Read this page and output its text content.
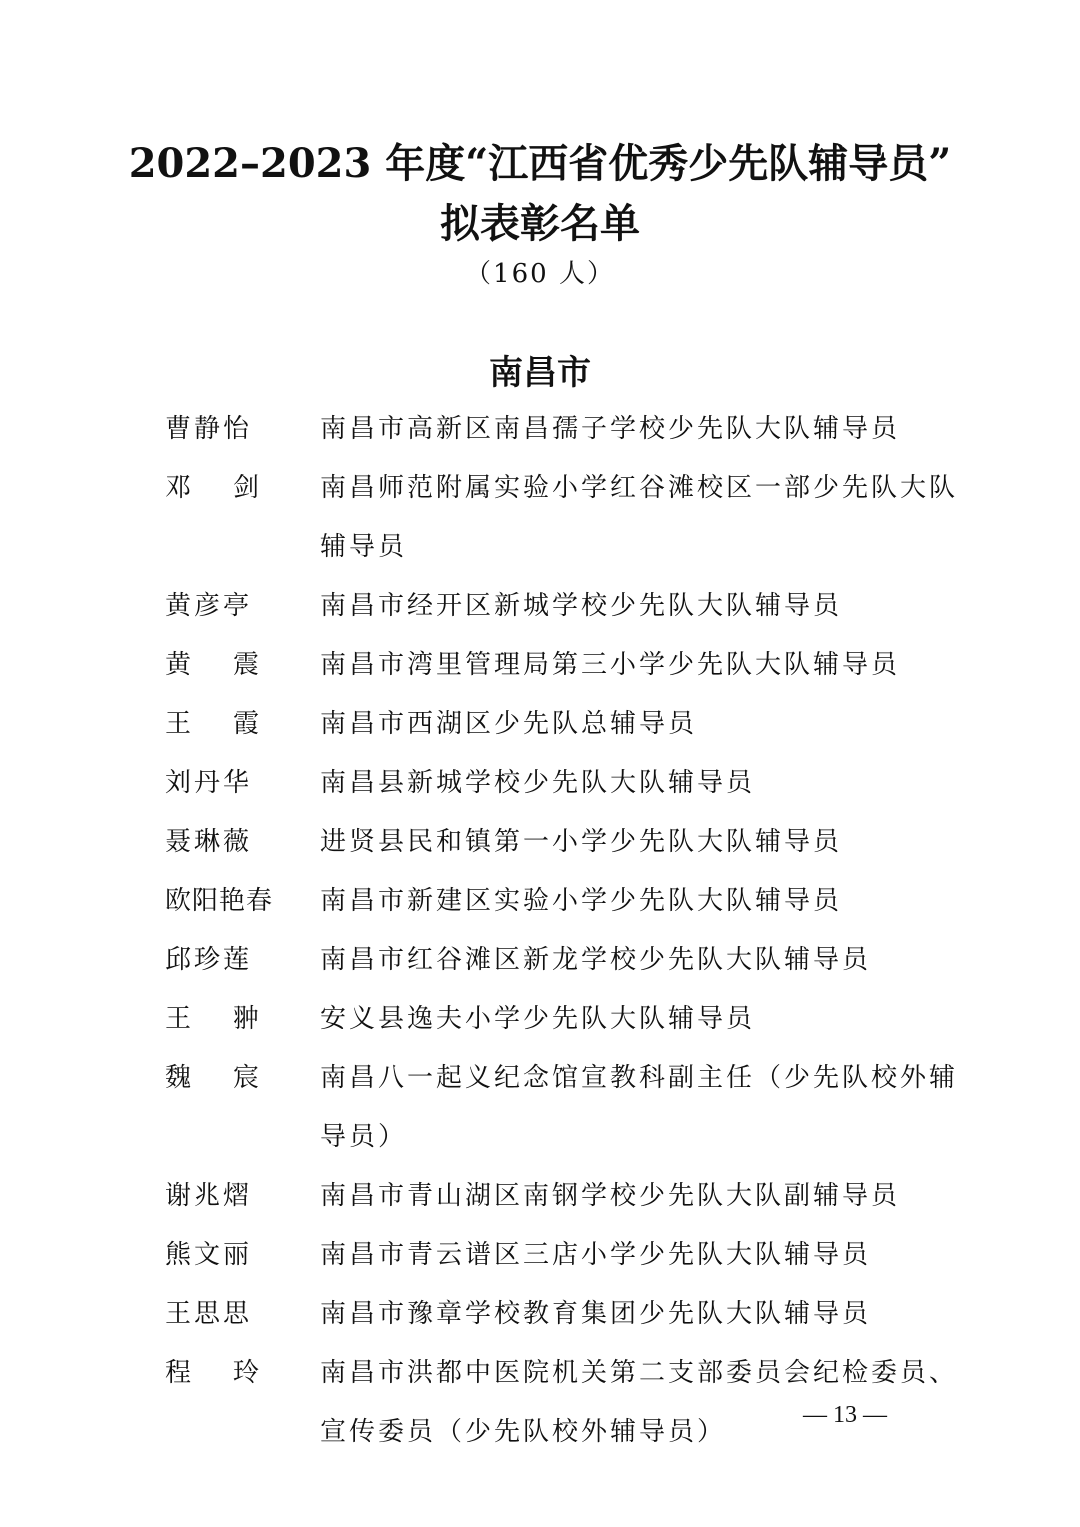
2022–2023 年度“江西省优秀少先队辅导员”
拟表彰名单
（160 人）
南昌市
曹静怡	南昌市高新区南昌孺子学校少先队大队辅导员
邓剑 南昌师范附属实验小学红谷滩校区一部少先队大队辅导员
黄彦亭	南昌市经开区新城学校少先队大队辅导员
黄震 南昌市湾里管理局第三小学少先队大队辅导员
王霞 南昌市西湖区少先队总辅导员
刘丹华	南昌县新城学校少先队大队辅导员
聂琳薇	进贤县民和镇第一小学少先队大队辅导员
欧阳艳春	南昌市新建区实验小学少先队大队辅导员
邱珍莲	南昌市红谷滩区新龙学校少先队大队辅导员
王翀 安义县逸夫小学少先队大队辅导员
魏宸 南昌八一起义纪念馆宣教科副主任（少先队校外辅导员）
谢兆熠	南昌市青山湖区南钢学校少先队大队副辅导员
熊文丽	南昌市青云谱区三店小学少先队大队辅导员
王思思	南昌市豫章学校教育集团少先队大队辅导员
程玲 南昌市洪都中医院机关第二支部委员会纪检委员、宣传委员（少先队校外辅导员）
— 13 —
